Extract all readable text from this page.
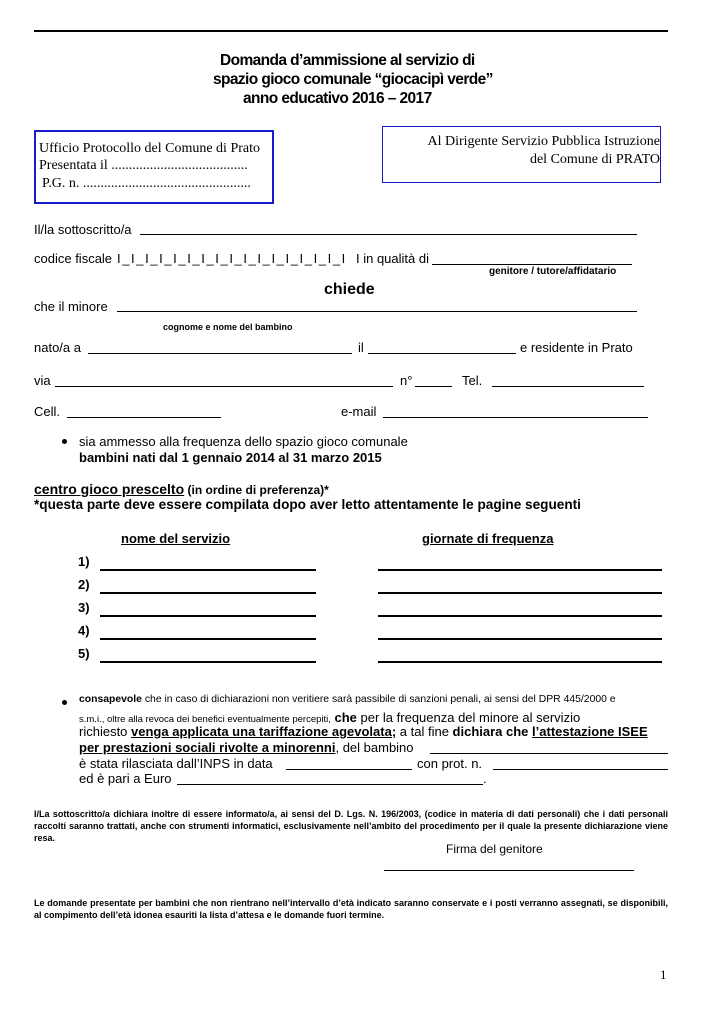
Domanda d’ammissione al servizio di
spazio gioco comunale “giocacipì verde”
anno educativo 2016 – 2017
Ufficio Protocollo del Comune di Prato
Presentata il .......................................
P.G. n. ................................................
Al Dirigente Servizio Pubblica Istruzione
del Comune di PRATO
Il/la sottoscritto/a
codice fiscale I_I_I_I_I_I_I_I_I_I_I_I_I_I_I_I_I I in qualità di
genitore / tutore/affidatario
chiede
che il minore
cognome e nome del bambino
nato/a a	il	e residente in Prato
via	n°	Tel.
Cell.	e-mail
sia ammesso alla frequenza dello spazio gioco comunale
bambini nati dal 1 gennaio 2014 al 31 marzo 2015
centro gioco prescelto (in ordine di preferenza)*
*questa parte deve essere compilata dopo aver letto attentamente le pagine seguenti
nome del servizio	giornate di frequenza
1)
2)
3)
4)
5)
consapevole che in caso di dichiarazioni non veritiere sarà passibile di sanzioni penali, ai sensi del DPR 445/2000 e
s.m.i., oltre alla revoca dei benefici eventualmente percepiti, che per la frequenza del minore al servizio
richiesto venga applicata una tariffazione agevolata; a tal fine dichiara che l’attestazione ISEE
per prestazioni sociali rivolte a minorenni, del bambino
è stata rilasciata dall’INPS in data	con prot. n.
ed è pari a Euro	.
I/La sottoscritto/a dichiara inoltre di essere informato/a, ai sensi del D. Lgs. N. 196/2003, (codice in materia di dati personali) che i dati personali raccolti saranno trattati, anche con strumenti informatici, esclusivamente nell’ambito del procedimento per il quale la presente dichiarazione viene resa.
Firma del genitore
Le domande presentate per bambini che non rientrano nell’intervallo d’età indicato saranno conservate e i posti verranno assegnati, se disponibili, al compimento dell’età idonea esauriti la lista d’attesa e le domande fuori termine.
1
